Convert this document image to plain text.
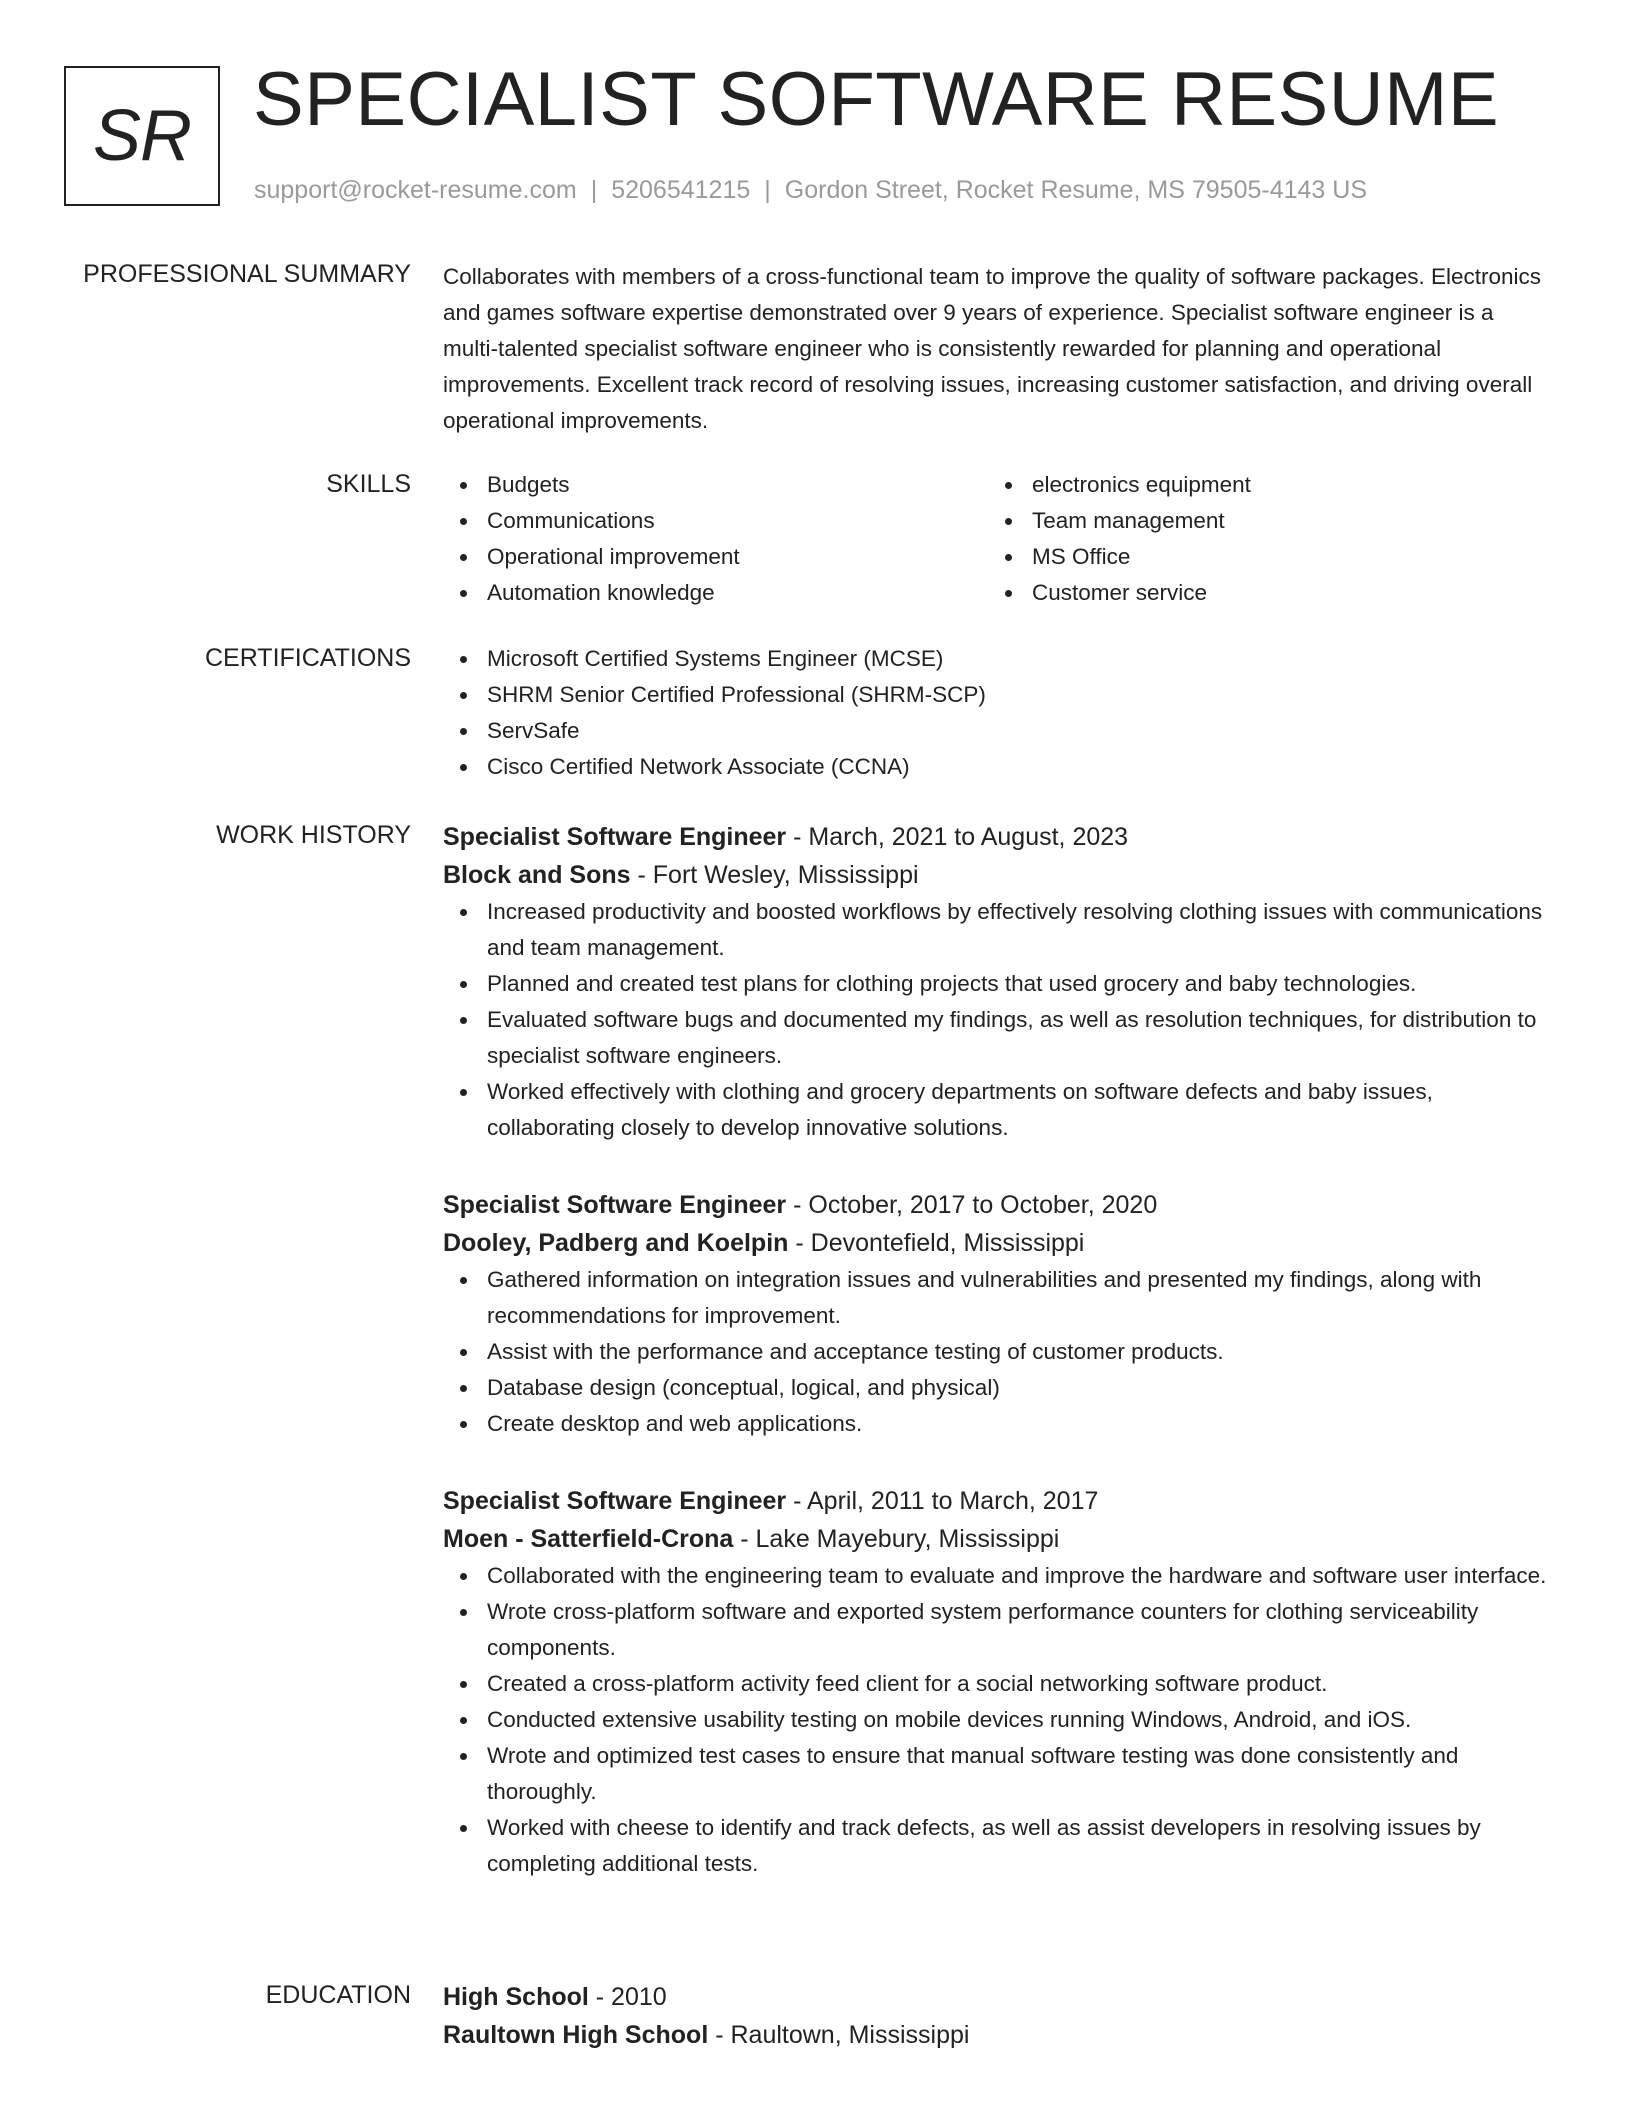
SR SPECIALIST SOFTWARE RESUME
support@rocket-resume.com | 5206541215 | Gordon Street, Rocket Resume, MS 79505-4143 US
PROFESSIONAL SUMMARY Collaborates with members of a cross-functional team to improve the quality of software packages. Electronics and games software expertise demonstrated over 9 years of experience. Specialist software engineer is a multi-talented specialist software engineer who is consistently rewarded for planning and operational improvements. Excellent track record of resolving issues, increasing customer satisfaction, and driving overall operational improvements.

SKILLS	Budgets
Communications
Operational improvement
Automation knowledge
electronics equipment
Team management
MS Office
Customer service
CERTIFICATIONS	Microsoft Certified Systems Engineer (MCSE)
SHRM Senior Certified Professional (SHRM-SCP)
ServSafe
Cisco Certified Network Associate (CCNA)
WORK HISTORY Specialist Software Engineer - March, 2021 to August, 2023
Block and Sons - Fort Wesley, Mississippi
Increased productivity and boosted workflows by effectively resolving clothing issues with communications and team management.
Planned and created test plans for clothing projects that used grocery and baby technologies.
Evaluated software bugs and documented my findings, as well as resolution techniques, for distribution to specialist software engineers.
Worked effectively with clothing and grocery departments on software defects and baby issues, collaborating closely to develop innovative solutions.
Specialist Software Engineer - October, 2017 to October, 2020
Dooley, Padberg and Koelpin - Devontefield, Mississippi
Gathered information on integration issues and vulnerabilities and presented my findings, along with recommendations for improvement.
Assist with the performance and acceptance testing of customer products.
Database design (conceptual, logical, and physical)
Create desktop and web applications.
Specialist Software Engineer - April, 2011 to March, 2017
Moen - Satterfield-Crona - Lake Mayebury, Mississippi
Collaborated with the engineering team to evaluate and improve the hardware and software user interface.
Wrote cross-platform software and exported system performance counters for clothing serviceability components.
Created a cross-platform activity feed client for a social networking software product.
Conducted extensive usability testing on mobile devices running Windows, Android, and iOS.
Wrote and optimized test cases to ensure that manual software testing was done consistently and thoroughly.
Worked with cheese to identify and track defects, as well as assist developers in resolving issues by completing additional tests.
EDUCATION High School - 2010
Raultown High School - Raultown, Mississippi
